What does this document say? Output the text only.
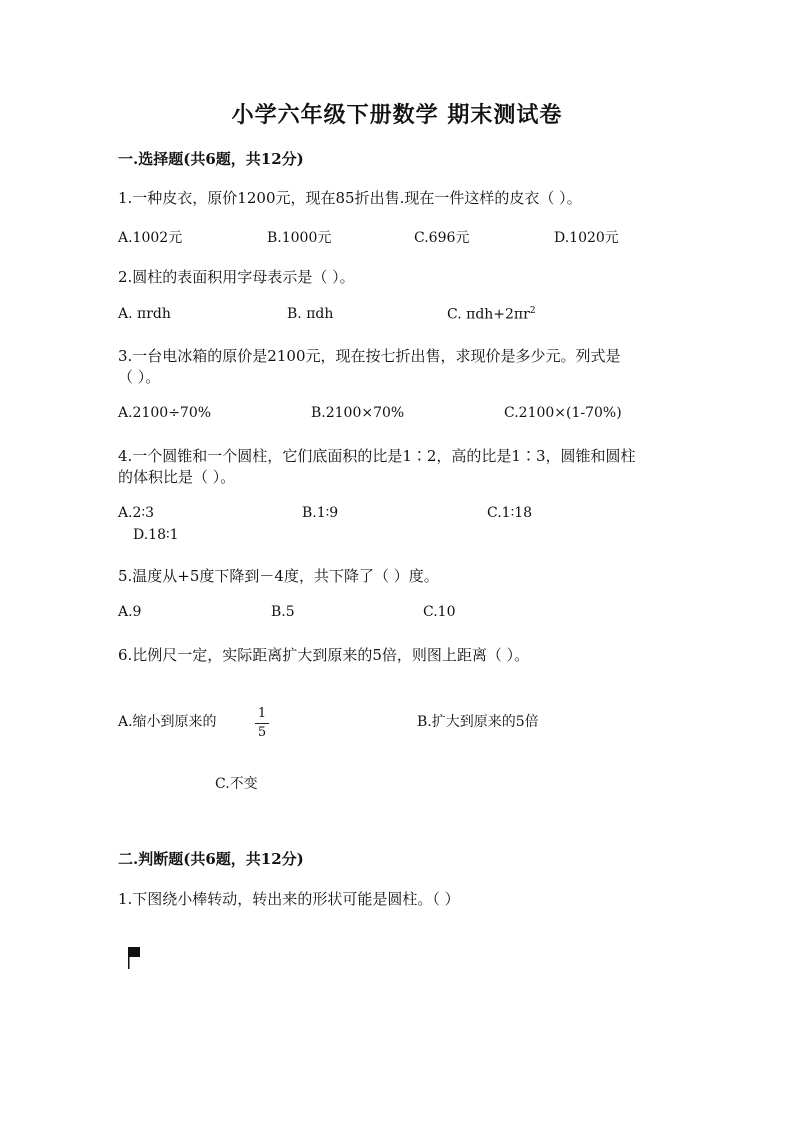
小学六年级下册数学 期末测试卷
一.选择题(共6题，共12分)
1.一种皮衣，原价1200元，现在85折出售.现在一件这样的皮衣（ ）。
A.1002元	B.1000元	C.696元	D.1020元
2.圆柱的表面积用字母表示是（ ）。
A. πrdh	B. πdh	C. $\pi dh+2\pi r^2$
3.一台电冰箱的原价是2100元，现在按七折出售，求现价是多少元。列式是
（ ）。
A.2100÷70%	B.2100×70%	C.2100×(1-70%)
4.一个圆锥和一个圆柱，它们底面积的比是1∶2，高的比是1∶3，圆锥和圆柱
的体积比是（ ）。
A.2∶3	B.1∶9	C.1∶18
D.18∶1
5.温度从+5度下降到－4度，共下降了（ ）度。
A.9	B.5	C.10
6.比例尺一定，实际距离扩大到原来的5倍，则图上距离（ ）。
A.缩小到原来的
1
5
B.扩大到原来的5倍
C.不变
二.判断题(共6题，共12分)
1.下图绕小棒转动，转出来的形状可能是圆柱。（ ）
